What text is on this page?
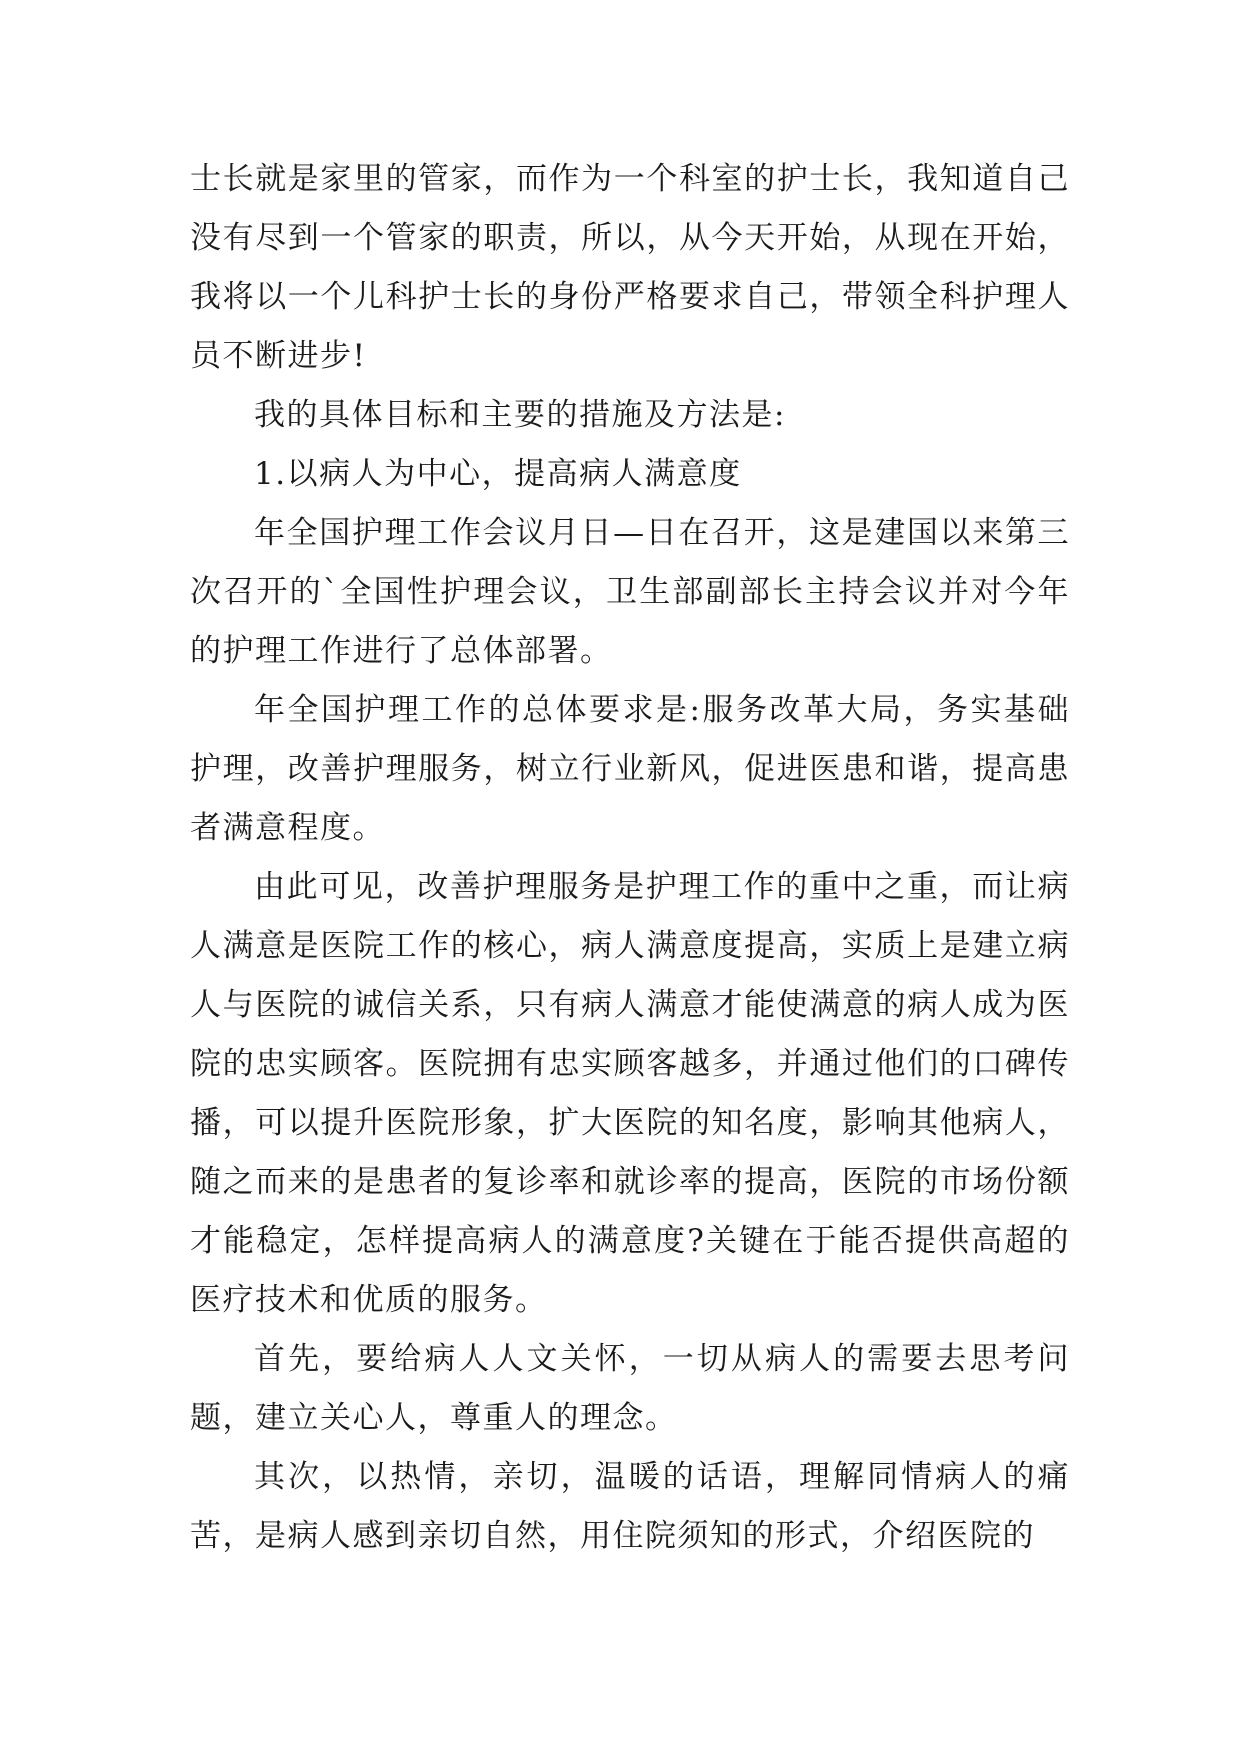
士长就是家里的管家，而作为一个科室的护士长，我知道自己没有尽到一个管家的职责，所以，从今天开始，从现在开始，我将以一个儿科护士长的身份严格要求自己，带领全科护理人员不断进步!

我的具体目标和主要的措施及方法是:

1.以病人为中心，提高病人满意度

年全国护理工作会议月日—日在召开，这是建国以来第三次召开的`全国性护理会议，卫生部副部长主持会议并对今年的护理工作进行了总体部署。

年全国护理工作的总体要求是:服务改革大局，务实基础护理，改善护理服务，树立行业新风，促进医患和谐，提高患者满意程度。

由此可见，改善护理服务是护理工作的重中之重，而让病人满意是医院工作的核心，病人满意度提高，实质上是建立病人与医院的诚信关系，只有病人满意才能使满意的病人成为医院的忠实顾客。医院拥有忠实顾客越多，并通过他们的口碑传播，可以提升医院形象，扩大医院的知名度，影响其他病人，随之而来的是患者的复诊率和就诊率的提高，医院的市场份额才能稳定，怎样提高病人的满意度?关键在于能否提供高超的医疗技术和优质的服务。

首先，要给病人人文关怀，一切从病人的需要去思考问题，建立关心人，尊重人的理念。

其次，以热情，亲切，温暖的话语，理解同情病人的痛苦，是病人感到亲切自然，用住院须知的形式，介绍医院的
